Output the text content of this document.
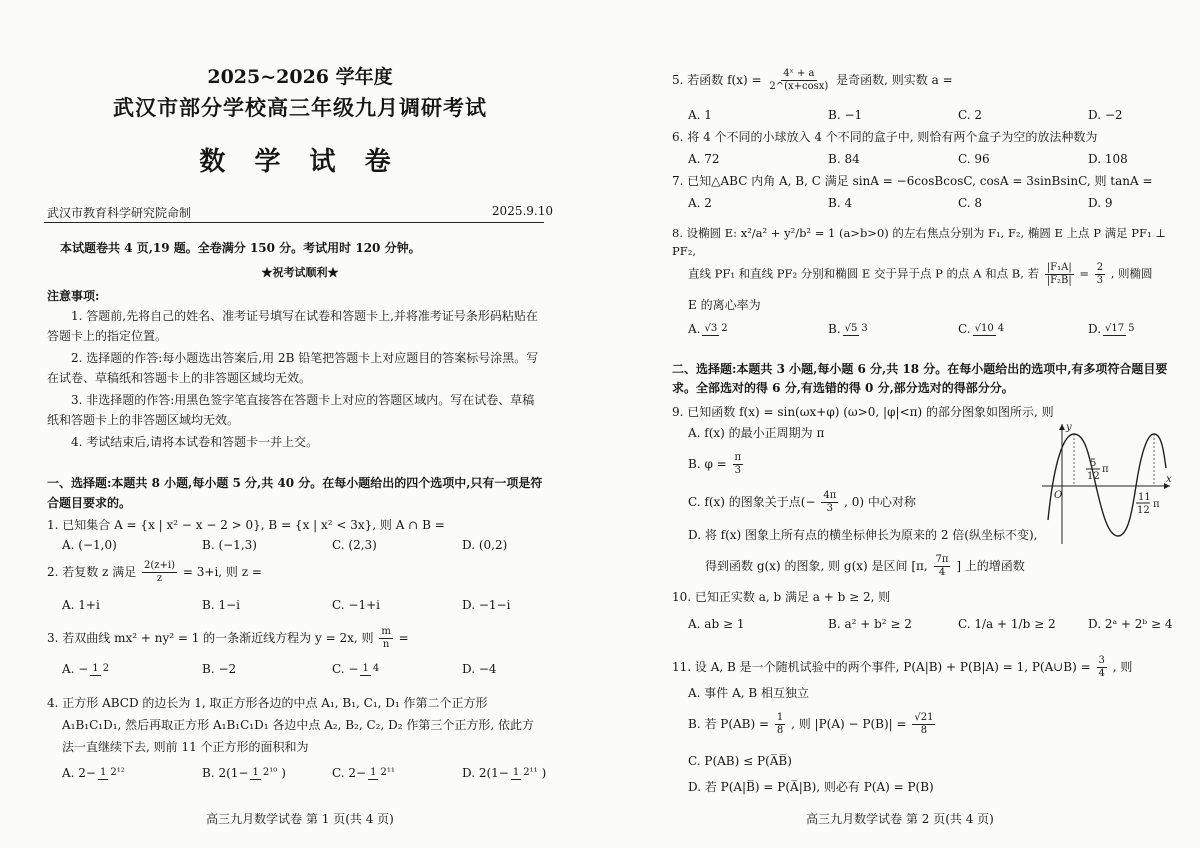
2025~2026 学年度
武汉市部分学校高三年级九月调研考试
数 学 试 卷
武汉市教育科学研究院命制	2025.9.10
本试题卷共 4 页,19 题。全卷满分 150 分。考试用时 120 分钟。
★祝考试顺利★
注意事项:
1. 答题前,先将自己的姓名、准考证号填写在试卷和答题卡上,并将准考证号条形码粘贴在答题卡上的指定位置。
2. 选择题的作答:每小题选出答案后,用 2B 铅笔把答题卡上对应题目的答案标号涂黑。写在试卷、草稿纸和答题卡上的非答题区域均无效。
3. 非选择题的作答:用黑色签字笔直接答在答题卡上对应的答题区域内。写在试卷、草稿纸和答题卡上的非答题区域均无效。
4. 考试结束后,请将本试卷和答题卡一并上交。
一、选择题:本题共 8 小题,每小题 5 分,共 40 分。在每小题给出的四个选项中,只有一项是符合题目要求的。
1. 已知集合 A = {x | x² − x − 2 > 0}, B = {x | x² < 3x}, 则 A ∩ B =
A. (−1,0)	B. (−1,3)	C. (2,3)	D. (0,2)
2. 若复数 z 满足 $\frac{2(z+i)}{z} = 3+i$, 则 z =
A. 1+i	B. 1−i	C. −1+i	D. −1−i
3. 若双曲线 mx² + ny² = 1 的一条渐近线方程为 y = 2x, 则 $\frac{m}{n}$ =
A. − 1 2	B. −2	C. − 1 4	D. −4
4. 正方形 ABCD 的边长为 1, 取正方形各边的中点 A₁, B₁, C₁, D₁ 作第二个正方形
A₁B₁C₁D₁, 然后再取正方形 A₁B₁C₁D₁ 各边中点 A₂, B₂, C₂, D₂ 作第三个正方形, 依此方
法一直继续下去, 则前 11 个正方形的面积和为
A. 2− 1 2¹²	B. 2(1− 1 2¹⁰ )	C. 2− 1 2¹¹	D. 2(1− 1 2¹¹ )
高三九月数学试卷 第 1 页(共 4 页)
5. 若函数 $f(x) = \frac{\text{4ˣ + a}}{2\^{}(x+\cos x)}$ 是奇函数, 则实数 a =
A. 1	B. −1	C. 2	D. −2
6. 将 4 个不同的小球放入 4 个不同的盒子中, 则恰有两个盒子为空的放法种数为
A. 72	B. 84	C. 96	D. 108
7. 已知△ABC 内角 A, B, C 满足 sinA = −6cosBcosC, cosA = 3sinBsinC, 则 tanA =
A. 2	B. 4	C. 8	D. 9
8. 设椭圆 E: x²/a² + y²/b² = 1 (a>b>0) 的左右焦点分别为 F₁, F₂, 椭圆 E 上点 P 满足 PF₁ ⊥ PF₂,
直线 PF₁ 和直线 PF₂ 分别和椭圆 E 交于异于点 P 的点 A 和点 B, 若 $\frac{\text{|F₁A|}}{\text{|F₂B|}} = \frac{2}{3}$ , 则椭圆
E 的离心率为
A. √3 2	B. √5 3	C. √10 4	D. √17 5
二、选择题:本题共 3 小题,每小题 6 分,共 18 分。在每小题给出的选项中,有多项符合题目要求。全部选对的得 6 分,有选错的得 0 分,部分选对的得部分分。
9. 已知函数 f(x) = sin(ωx+φ) (ω>0, |φ|<π) 的部分图象如图所示, 则
A. f(x) 的最小正周期为 π
B. $\varphi = \frac{\pi}{3}$
C. f(x) 的图象关于点(− $\frac{4\pi}{3}$ , 0) 中心对称
D. 将 f(x) 图象上所有点的横坐标伸长为原来的 2 倍(纵坐标不变),
得到函数 g(x) 的图象, 则 g(x) 是区间 [π, $\frac{7\pi}{4}$ ] 上的增函数
O
y
x
5
12
π
11
12
π
10. 已知正实数 a, b 满足 a + b ≥ 2, 则
A. ab ≥ 1	B. a² + b² ≥ 2	C. 1/a + 1/b ≥ 2	D. 2ᵃ + 2ᵇ ≥ 4
11. 设 A, B 是一个随机试验中的两个事件, P(A|B) + P(B|A) = 1, P(A∪B) = $\frac{3}{4}$ , 则
A. 事件 A, B 相互独立
B. 若 $P(AB) = \frac{1}{8}$ , 则 $|P(A) - P(B)| = \frac{√21}{8}$
C. P(AB) ≤ P(A̅B̅)
D. 若 P(A|B̅) = P(A̅|B), 则必有 P(A) = P(B)
高三九月数学试卷 第 2 页(共 4 页)
